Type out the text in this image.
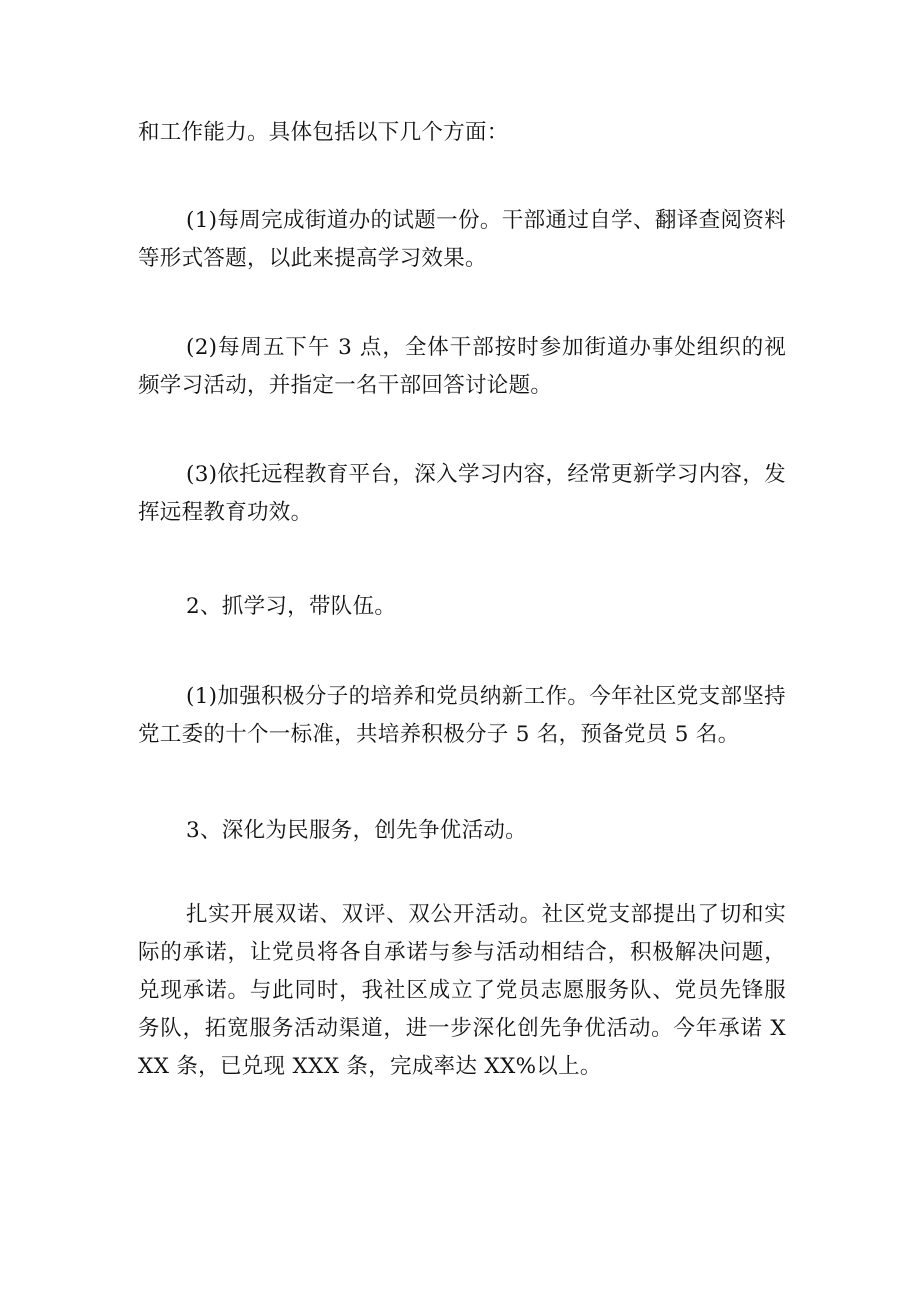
和工作能力。具体包括以下几个方面：

(1)每周完成街道办的试题一份。干部通过自学、翻译查阅资料等形式答题，以此来提高学习效果。

(2)每周五下午 3 点，全体干部按时参加街道办事处组织的视频学习活动，并指定一名干部回答讨论题。

(3)依托远程教育平台，深入学习内容，经常更新学习内容，发挥远程教育功效。

2、抓学习，带队伍。

(1)加强积极分子的培养和党员纳新工作。今年社区党支部坚持党工委的十个一标准，共培养积极分子 5 名，预备党员 5 名。

3、深化为民服务，创先争优活动。

扎实开展双诺、双评、双公开活动。社区党支部提出了切和实际的承诺，让党员将各自承诺与参与活动相结合，积极解决问题，兑现承诺。与此同时，我社区成立了党员志愿服务队、党员先锋服务队，拓宽服务活动渠道，进一步深化创先争优活动。今年承诺 XXX 条，已兑现 XXX 条，完成率达 XX%以上。
